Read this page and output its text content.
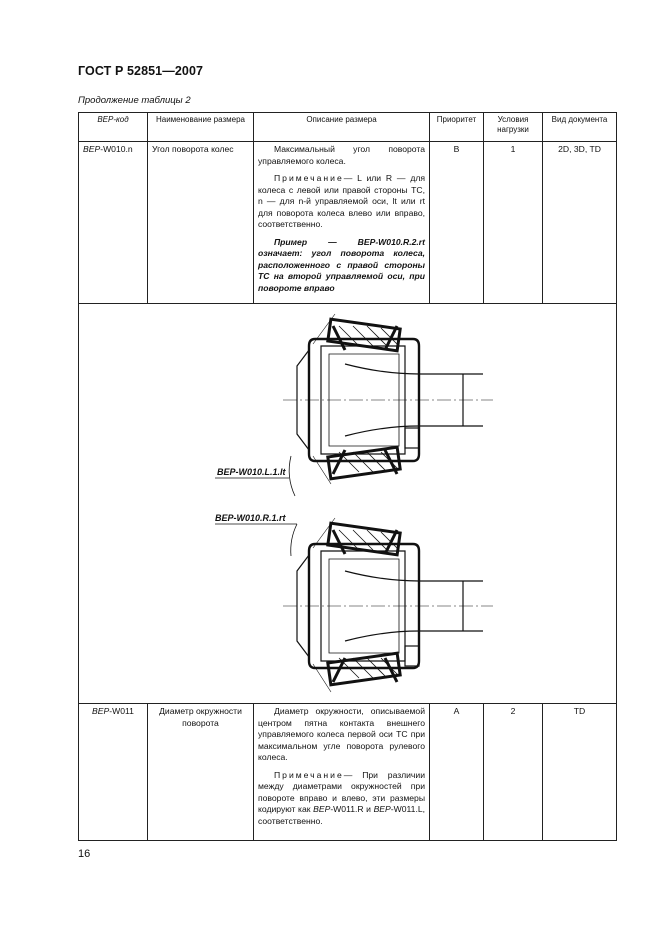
ГОСТ Р 52851—2007
Продолжение таблицы 2
ВЕР-код	Наименование размера	Описание размера	Приоритет	Условия нагрузки	Вид документа
ВЕР-W010.n	Угол поворота колес	Максимальный угол поворота управляемого колеса.

Примечание— L или R — для колеса с левой или правой стороны ТС, n — для n-й управляемой оси, lt или rt для поворота колеса влево или вправо, соответственно.

Пример — ВЕР-W010.R.2.rt означает: угол поворота колеса, расположенного с правой стороны ТС на второй управляемой оси, при повороте вправо	B	1	2D, 3D, TD

ВЕР-W010.L.1.lt
ВЕР-W010.R.1.rt					

ВЕР-W011	Диаметр окружности поворота	Диаметр окружности, описываемой центром пятна контакта внешнего управляемого колеса первой оси ТС при максимальном угле поворота рулевого колеса.

Примечание— При различии между диаметрами окружностей при повороте вправо и влево, эти размеры кодируют как ВЕР-W011.R и ВЕР-W011.L, соответственно.	A	2	TD
16
